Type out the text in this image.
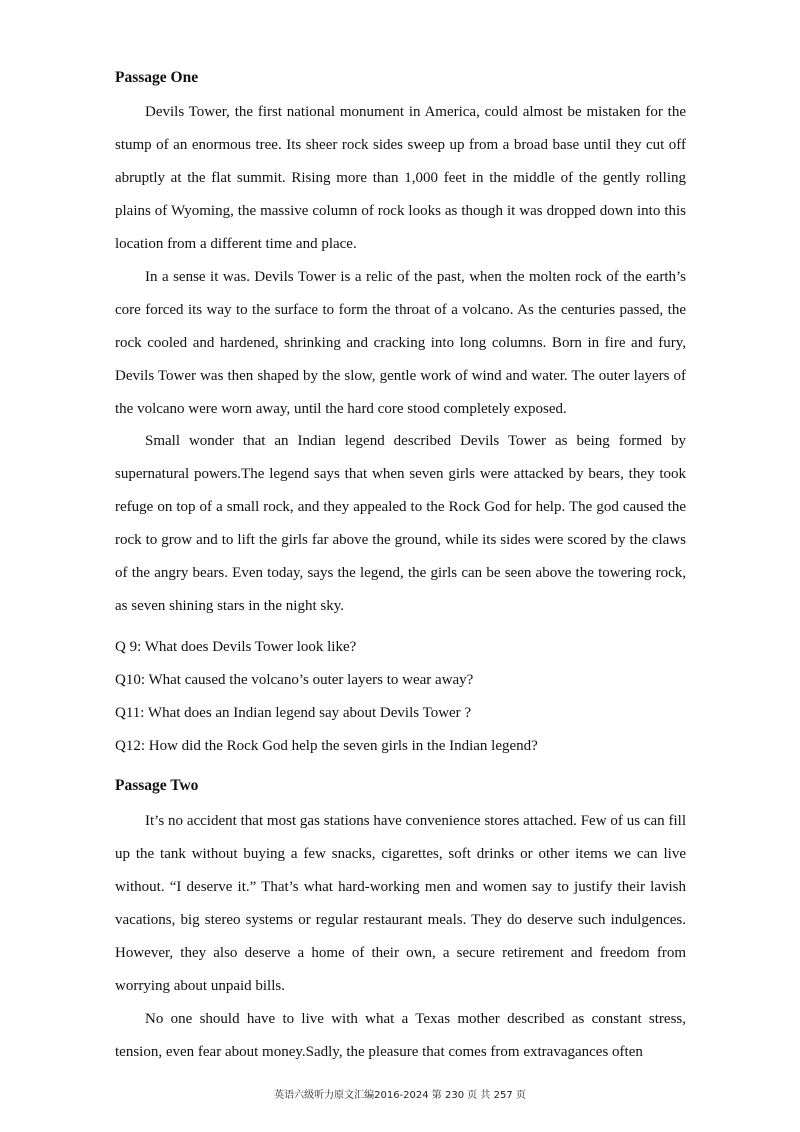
Passage One

Devils Tower, the first national monument in America, could almost be mistaken for the stump of an enormous tree. Its sheer rock sides sweep up from a broad base until they cut off abruptly at the flat summit. Rising more than 1,000 feet in the middle of the gently rolling plains of Wyoming, the massive column of rock looks as though it was dropped down into this location from a different time and place.

In a sense it was. Devils Tower is a relic of the past, when the molten rock of the earth’s core forced its way to the surface to form the throat of a volcano. As the centuries passed, the rock cooled and hardened, shrinking and cracking into long columns. Born in fire and fury, Devils Tower was then shaped by the slow, gentle work of wind and water. The outer layers of the volcano were worn away, until the hard core stood completely exposed.

Small wonder that an Indian legend described Devils Tower as being formed by supernatural powers.The legend says that when seven girls were attacked by bears, they took refuge on top of a small rock, and they appealed to the Rock God for help. The god caused the rock to grow and to lift the girls far above the ground, while its sides were scored by the claws of the angry bears. Even today, says the legend, the girls can be seen above the towering rock, as seven shining stars in the night sky.

Q 9: What does Devils Tower look like?

Q10: What caused the volcano’s outer layers to wear away?

Q11: What does an Indian legend say about Devils Tower ?

Q12: How did the Rock God help the seven girls in the Indian legend?

Passage Two

It’s no accident that most gas stations have convenience stores attached. Few of us can fill up the tank without buying a few snacks, cigarettes, soft drinks or other items we can live without. “I deserve it.” That’s what hard-working men and women say to justify their lavish vacations, big stereo systems or regular restaurant meals. They do deserve such indulgences. However, they also deserve a home of their own, a secure retirement and freedom from worrying about unpaid bills.

No one should have to live with what a Texas mother described as constant stress, tension, even fear about money.Sadly, the pleasure that comes from extravagances often

英语六级听力原文汇编2016-2024 第 230 页 共 257 页
